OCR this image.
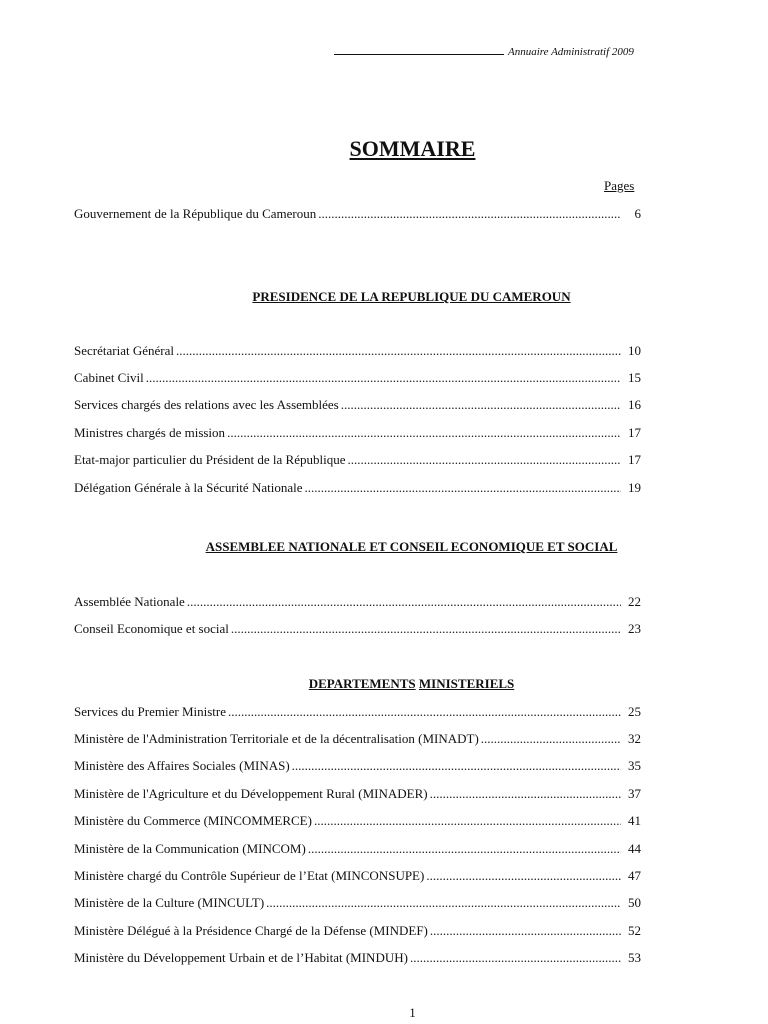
Annuaire Administratif 2009
SOMMAIRE
Pages
Gouvernement de la République du Cameroun .....	6
PRESIDENCE DE LA REPUBLIQUE DU CAMEROUN
Secrétariat Général .....	10
Cabinet Civil .....	15
Services chargés des relations avec les Assemblées .....	16
Ministres chargés de mission .....	17
Etat-major particulier du Président de la République .....	17
Délégation Générale à la Sécurité Nationale .....	19
ASSEMBLEE NATIONALE ET CONSEIL ECONOMIQUE ET SOCIAL
Assemblée Nationale .....	22
Conseil Economique et social .....	23
DEPARTEMENTS MINISTERIELS
Services du Premier Ministre .....	25
Ministère de l'Administration Territoriale et de la décentralisation (MINADT) .....	32
Ministère des Affaires Sociales (MINAS) .....	35
Ministère de l'Agriculture et du Développement Rural (MINADER) .....	37
Ministère du Commerce (MINCOMMERCE) .....	41
Ministère de la Communication (MINCOM) .....	44
Ministère chargé du Contrôle Supérieur de l’Etat (MINCONSUPE) .....	47
Ministère de la Culture (MINCULT) .....	50
Ministère Délégué à la Présidence Chargé de la Défense (MINDEF) .....	52
Ministère du Développement Urbain et de l’Habitat (MINDUH) .....	53
1
